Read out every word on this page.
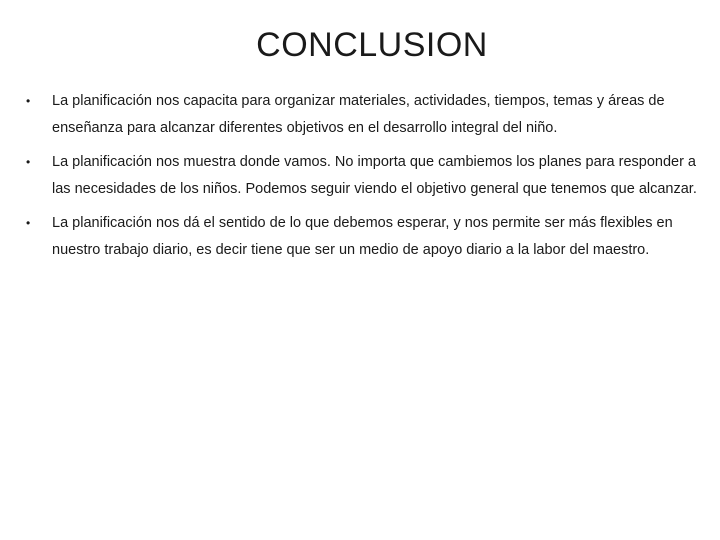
CONCLUSION
• La planificación nos capacita para organizar materiales, actividades, tiempos, temas y áreas de enseñanza para alcanzar diferentes objetivos en el desarrollo integral del niño.
• La planificación nos muestra donde vamos. No importa que cambiemos los planes para responder a las necesidades de los niños. Podemos seguir viendo el objetivo general que tenemos que alcanzar.
• La planificación nos dá el sentido de lo que debemos esperar, y nos permite ser más flexibles en nuestro trabajo diario, es decir tiene que ser un medio de apoyo diario a la labor del maestro.
